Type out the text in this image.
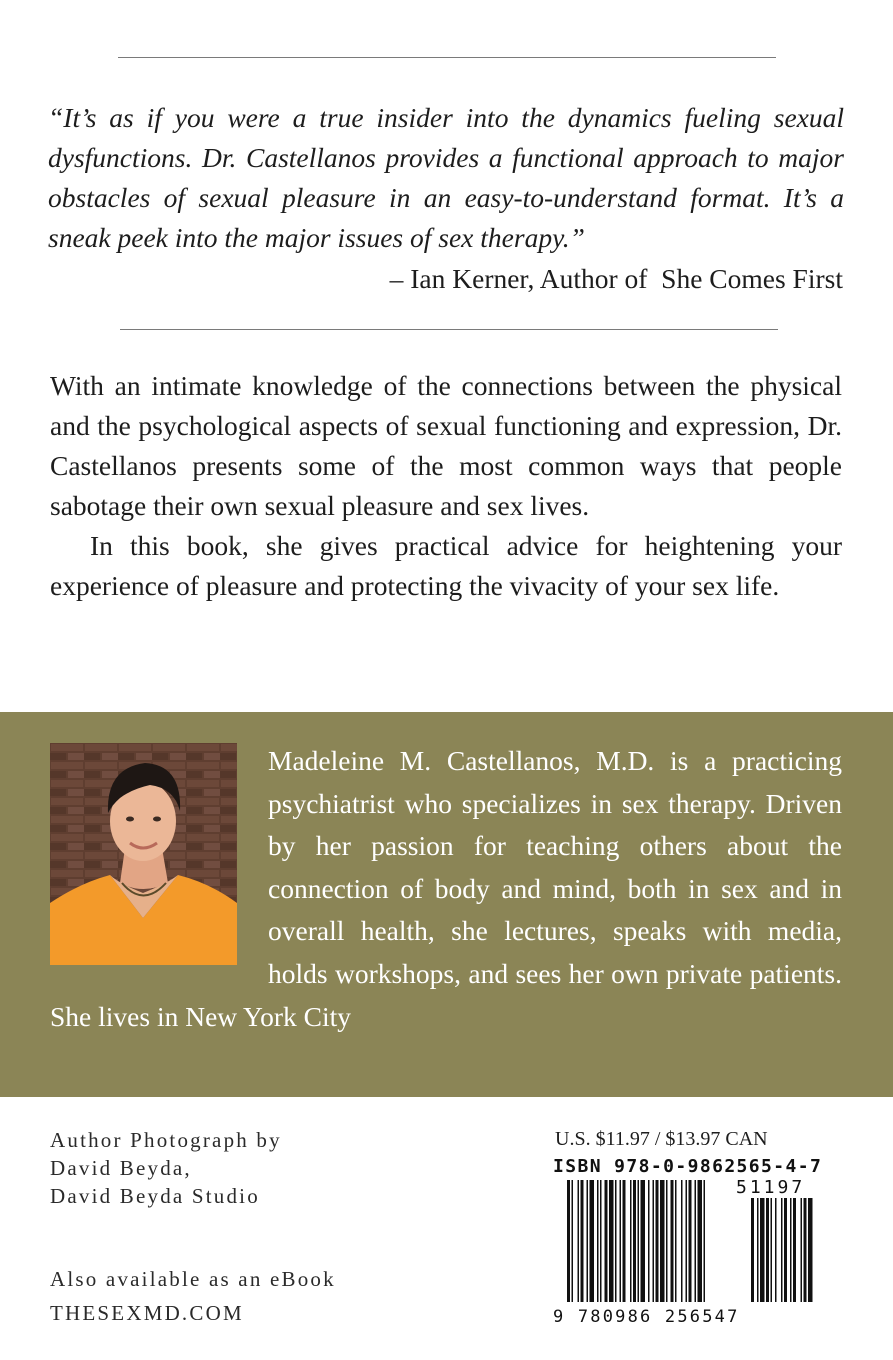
“It’s as if you were a true insider into the dynamics fueling sexual dysfunctions. Dr. Castellanos provides a functional approach to major obstacles of sexual pleasure in an easy-to-understand format. It’s a sneak peek into the major issues of sex therapy.”
– Ian Kerner, Author of  She Comes First

With an intimate knowledge of the connections between the physical and the psychological aspects of sexual functioning and expression, Dr. Castellanos presents some of the most common ways that people sabotage their own sexual pleasure and sex lives.

In this book, she gives practical advice for heightening your experience of pleasure and protecting the vivacity of your sex life.

Madeleine M. Castellanos, M.D. is a practicing psychiatrist who specializes in sex therapy. Driven by her passion for teaching others about the connection of body and mind, both in sex and in overall health, she lectures, speaks with media, holds workshops, and sees her own private patients. She lives in New York City
Author Photograph by
David Beyda,
David Beyda Studio
Also available as an eBook
THESEXMD.COM
U.S. $11.97 / $13.97 CAN
ISBN 978-0-9862565-4-7
51197
9 780986 256547
